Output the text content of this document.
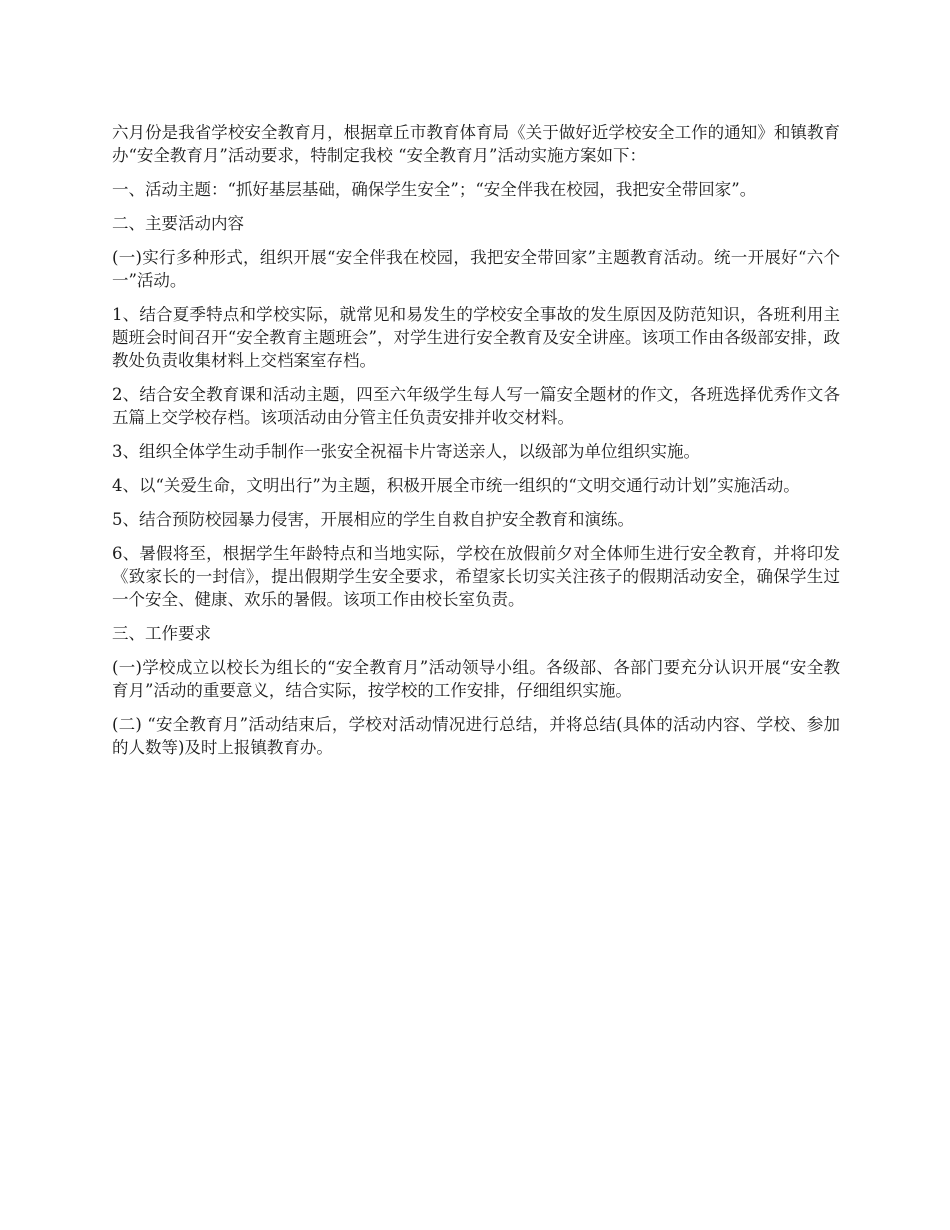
六月份是我省学校安全教育月，根据章丘市教育体育局《关于做好近学校安全工作的通知》和镇教育办“安全教育月”活动要求，特制定我校 “安全教育月”活动实施方案如下：

一、活动主题：“抓好基层基础，确保学生安全”；“安全伴我在校园，我把安全带回家”。

二、主要活动内容

(一)实行多种形式，组织开展“安全伴我在校园，我把安全带回家”主题教育活动。统一开展好“六个一”活动。

1、结合夏季特点和学校实际，就常见和易发生的学校安全事故的发生原因及防范知识，各班利用主题班会时间召开“安全教育主题班会”，对学生进行安全教育及安全讲座。该项工作由各级部安排，政教处负责收集材料上交档案室存档。

2、结合安全教育课和活动主题，四至六年级学生每人写一篇安全题材的作文，各班选择优秀作文各五篇上交学校存档。该项活动由分管主任负责安排并收交材料。

3、组织全体学生动手制作一张安全祝福卡片寄送亲人，以级部为单位组织实施。

4、以“关爱生命，文明出行”为主题，积极开展全市统一组织的“文明交通行动计划”实施活动。

5、结合预防校园暴力侵害，开展相应的学生自救自护安全教育和演练。

6、暑假将至，根据学生年龄特点和当地实际，学校在放假前夕对全体师生进行安全教育，并将印发《致家长的一封信》，提出假期学生安全要求，希望家长切实关注孩子的假期活动安全，确保学生过一个安全、健康、欢乐的暑假。该项工作由校长室负责。

三、工作要求

(一)学校成立以校长为组长的“安全教育月”活动领导小组。各级部、各部门要充分认识开展“安全教育月”活动的重要意义，结合实际，按学校的工作安排，仔细组织实施。

(二) “安全教育月”活动结束后，学校对活动情况进行总结，并将总结(具体的活动内容、学校、参加的人数等)及时上报镇教育办。
